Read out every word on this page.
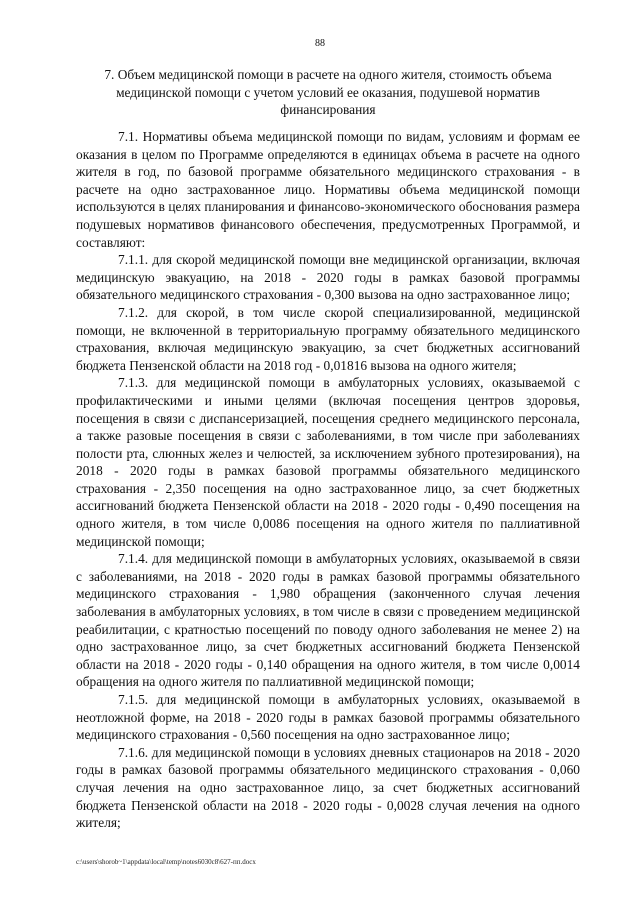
88
7. Объем медицинской помощи в расчете на одного жителя, стоимость объема медицинской помощи с учетом условий ее оказания, подушевой норматив финансирования

7.1. Нормативы объема медицинской помощи по видам, условиям и формам ее оказания в целом по Программе определяются в единицах объема в расчете на одного жителя в год, по базовой программе обязательного медицинского страхования - в расчете на одно застрахованное лицо. Нормативы объема медицинской помощи используются в целях планирования и финансово-экономического обоснования размера подушевых нормативов финансового обеспечения, предусмотренных Программой, и составляют:

7.1.1. для скорой медицинской помощи вне медицинской организации, включая медицинскую эвакуацию, на 2018 - 2020 годы в рамках базовой программы обязательного медицинского страхования - 0,300 вызова на одно застрахованное лицо;

7.1.2. для скорой, в том числе скорой специализированной, медицинской помощи, не включенной в территориальную программу обязательного медицинского страхования, включая медицинскую эвакуацию, за счет бюджетных ассигнований бюджета Пензенской области на 2018 год - 0,01816 вызова на одного жителя;

7.1.3. для медицинской помощи в амбулаторных условиях, оказываемой с профилактическими и иными целями (включая посещения центров здоровья, посещения в связи с диспансеризацией, посещения среднего медицинского персонала, а также разовые посещения в связи с заболеваниями, в том числе при заболеваниях полости рта, слюнных желез и челюстей, за исключением зубного протезирования), на 2018 - 2020 годы в рамках базовой программы обязательного медицинского страхования - 2,350 посещения на одно застрахованное лицо, за счет бюджетных ассигнований бюджета Пензенской области на 2018 - 2020 годы - 0,490 посещения на одного жителя, в том числе 0,0086 посещения на одного жителя по паллиативной медицинской помощи;

7.1.4. для медицинской помощи в амбулаторных условиях, оказываемой в связи с заболеваниями, на 2018 - 2020 годы в рамках базовой программы обязательного медицинского страхования - 1,980 обращения (законченного случая лечения заболевания в амбулаторных условиях, в том числе в связи с проведением медицинской реабилитации, с кратностью посещений по поводу одного заболевания не менее 2) на одно застрахованное лицо, за счет бюджетных ассигнований бюджета Пензенской области на 2018 - 2020 годы - 0,140 обращения на одного жителя, в том числе 0,0014 обращения на одного жителя по паллиативной медицинской помощи;

7.1.5. для медицинской помощи в амбулаторных условиях, оказываемой в неотложной форме, на 2018 - 2020 годы в рамках базовой программы обязательного медицинского страхования - 0,560 посещения на одно застрахованное лицо;

7.1.6. для медицинской помощи в условиях дневных стационаров на 2018 - 2020 годы в рамках базовой программы обязательного медицинского страхования - 0,060 случая лечения на одно застрахованное лицо, за счет бюджетных ассигнований бюджета Пензенской области на 2018 - 2020 годы - 0,0028 случая лечения на одного жителя;

c:\users\shorob~1\appdata\local\temp\notes6030c8\627-пп.docx
